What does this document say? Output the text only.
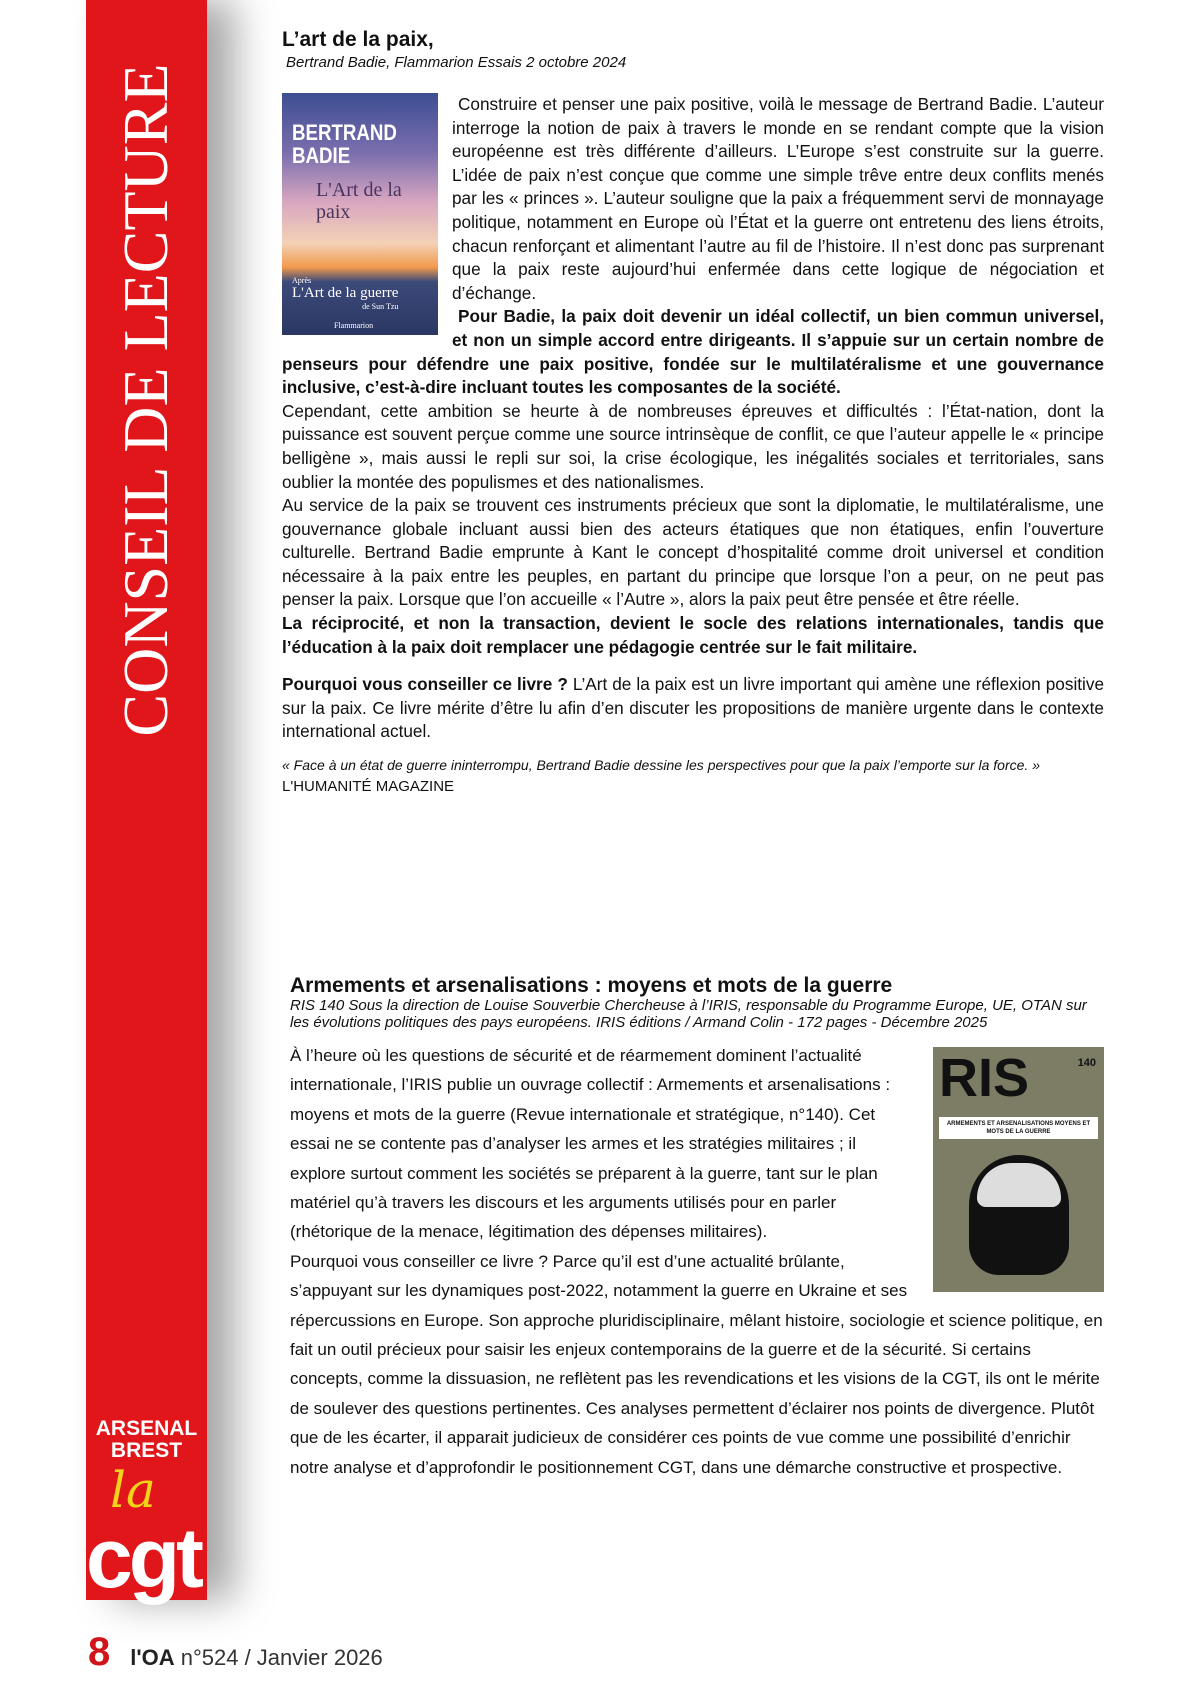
CONSEIL DE LECTURE
ARSENAL BREST
la
cgt
L’art de la paix,
Bertrand Badie, Flammarion Essais 2 octobre 2024
BERTRAND BADIE
L'Art de la paix
Après
L'Art de la guerre
de Sun Tzu
Flammarion

Construire et penser une paix positive, voilà le message de Bertrand Badie. L’auteur interroge la notion de paix à travers le monde en se rendant compte que la vision européenne est très différente d’ailleurs. L’Europe s’est construite sur la guerre. L’idée de paix n’est conçue que comme une simple trêve entre deux conflits menés par les « princes ». L’auteur souligne que la paix a fréquemment servi de monnayage politique, notamment en Europe où l’État et la guerre ont entretenu des liens étroits, chacun renforçant et alimentant l’autre au fil de l’histoire. Il n’est donc pas surprenant que la paix reste aujourd’hui enfermée dans cette logique de négociation et d’échange.

Pour Badie, la paix doit devenir un idéal collectif, un bien commun universel, et non un simple accord entre dirigeants. Il s’appuie sur un certain nombre de penseurs pour défendre une paix positive, fondée sur le multilatéralisme et une gouvernance inclusive, c’est-à-dire incluant toutes les composantes de la société.

Cependant, cette ambition se heurte à de nombreuses épreuves et difficultés : l’État-nation, dont la puissance est souvent perçue comme une source intrinsèque de conflit, ce que l’auteur appelle le « principe belligène », mais aussi le repli sur soi, la crise écologique, les inégalités sociales et territoriales, sans oublier la montée des populismes et des nationalismes.

Au service de la paix se trouvent ces instruments précieux que sont la diplomatie, le multilatéralisme, une gouvernance globale incluant aussi bien des acteurs étatiques que non étatiques, enfin l’ouverture culturelle. Bertrand Badie emprunte à Kant le concept d’hospitalité comme droit universel et condition nécessaire à la paix entre les peuples, en partant du principe que lorsque l’on a peur, on ne peut pas penser la paix. Lorsque que l’on accueille « l’Autre », alors la paix peut être pensée et être réelle.

La réciprocité, et non la transaction, devient le socle des relations internationales, tandis que l’éducation à la paix doit remplacer une pédagogie centrée sur le fait militaire.

Pourquoi vous conseiller ce livre ? L’Art de la paix est un livre important qui amène une réflexion positive sur la paix. Ce livre mérite d’être lu afin d’en discuter les propositions de manière urgente dans le contexte international actuel.

« Face à un état de guerre ininterrompu, Bertrand Badie dessine les perspectives pour que la paix l’emporte sur la force. »

L'HUMANITÉ MAGAZINE

Armements et arsenalisations : moyens et mots de la guerre
RIS 140 Sous la direction de Louise Souverbie Chercheuse à l’IRIS, responsable du Programme Europe, UE, OTAN sur les évolutions politiques des pays européens. IRIS éditions / Armand Colin - 172 pages - Décembre 2025
RIS	140
ARMEMENTS ET ARSENALISATIONS MOYENS ET MOTS DE LA GUERRE

À l’heure où les questions de sécurité et de réarmement dominent l’actualité internationale, l’IRIS publie un ouvrage collectif : Armements et arsenalisations : moyens et mots de la guerre (Revue internationale et stratégique, n°140). Cet essai ne se contente pas d’analyser les armes et les stratégies militaires ; il explore surtout comment les sociétés se préparent à la guerre, tant sur le plan matériel qu’à travers les discours et les arguments utilisés pour en parler (rhétorique de la menace, légitimation des dépenses militaires).

Pourquoi vous conseiller ce livre ? Parce qu’il est d’une actualité brûlante, s’appuyant sur les dynamiques post-2022, notamment la guerre en Ukraine et ses répercussions en Europe. Son approche pluridisciplinaire, mêlant histoire, sociologie et science politique, en fait un outil précieux pour saisir les enjeux contemporains de la guerre et de la sécurité. Si certains concepts, comme la dissuasion, ne reflètent pas les revendications et les visions de la CGT, ils ont le mérite de soulever des questions pertinentes. Ces analyses permettent d’éclairer nos points de divergence. Plutôt que de les écarter, il apparait judicieux de considérer ces points de vue comme une possibilité d’enrichir notre analyse et d’approfondir le positionnement CGT, dans une démarche constructive et prospective.

8 l'OA n°524 / Janvier 2026
